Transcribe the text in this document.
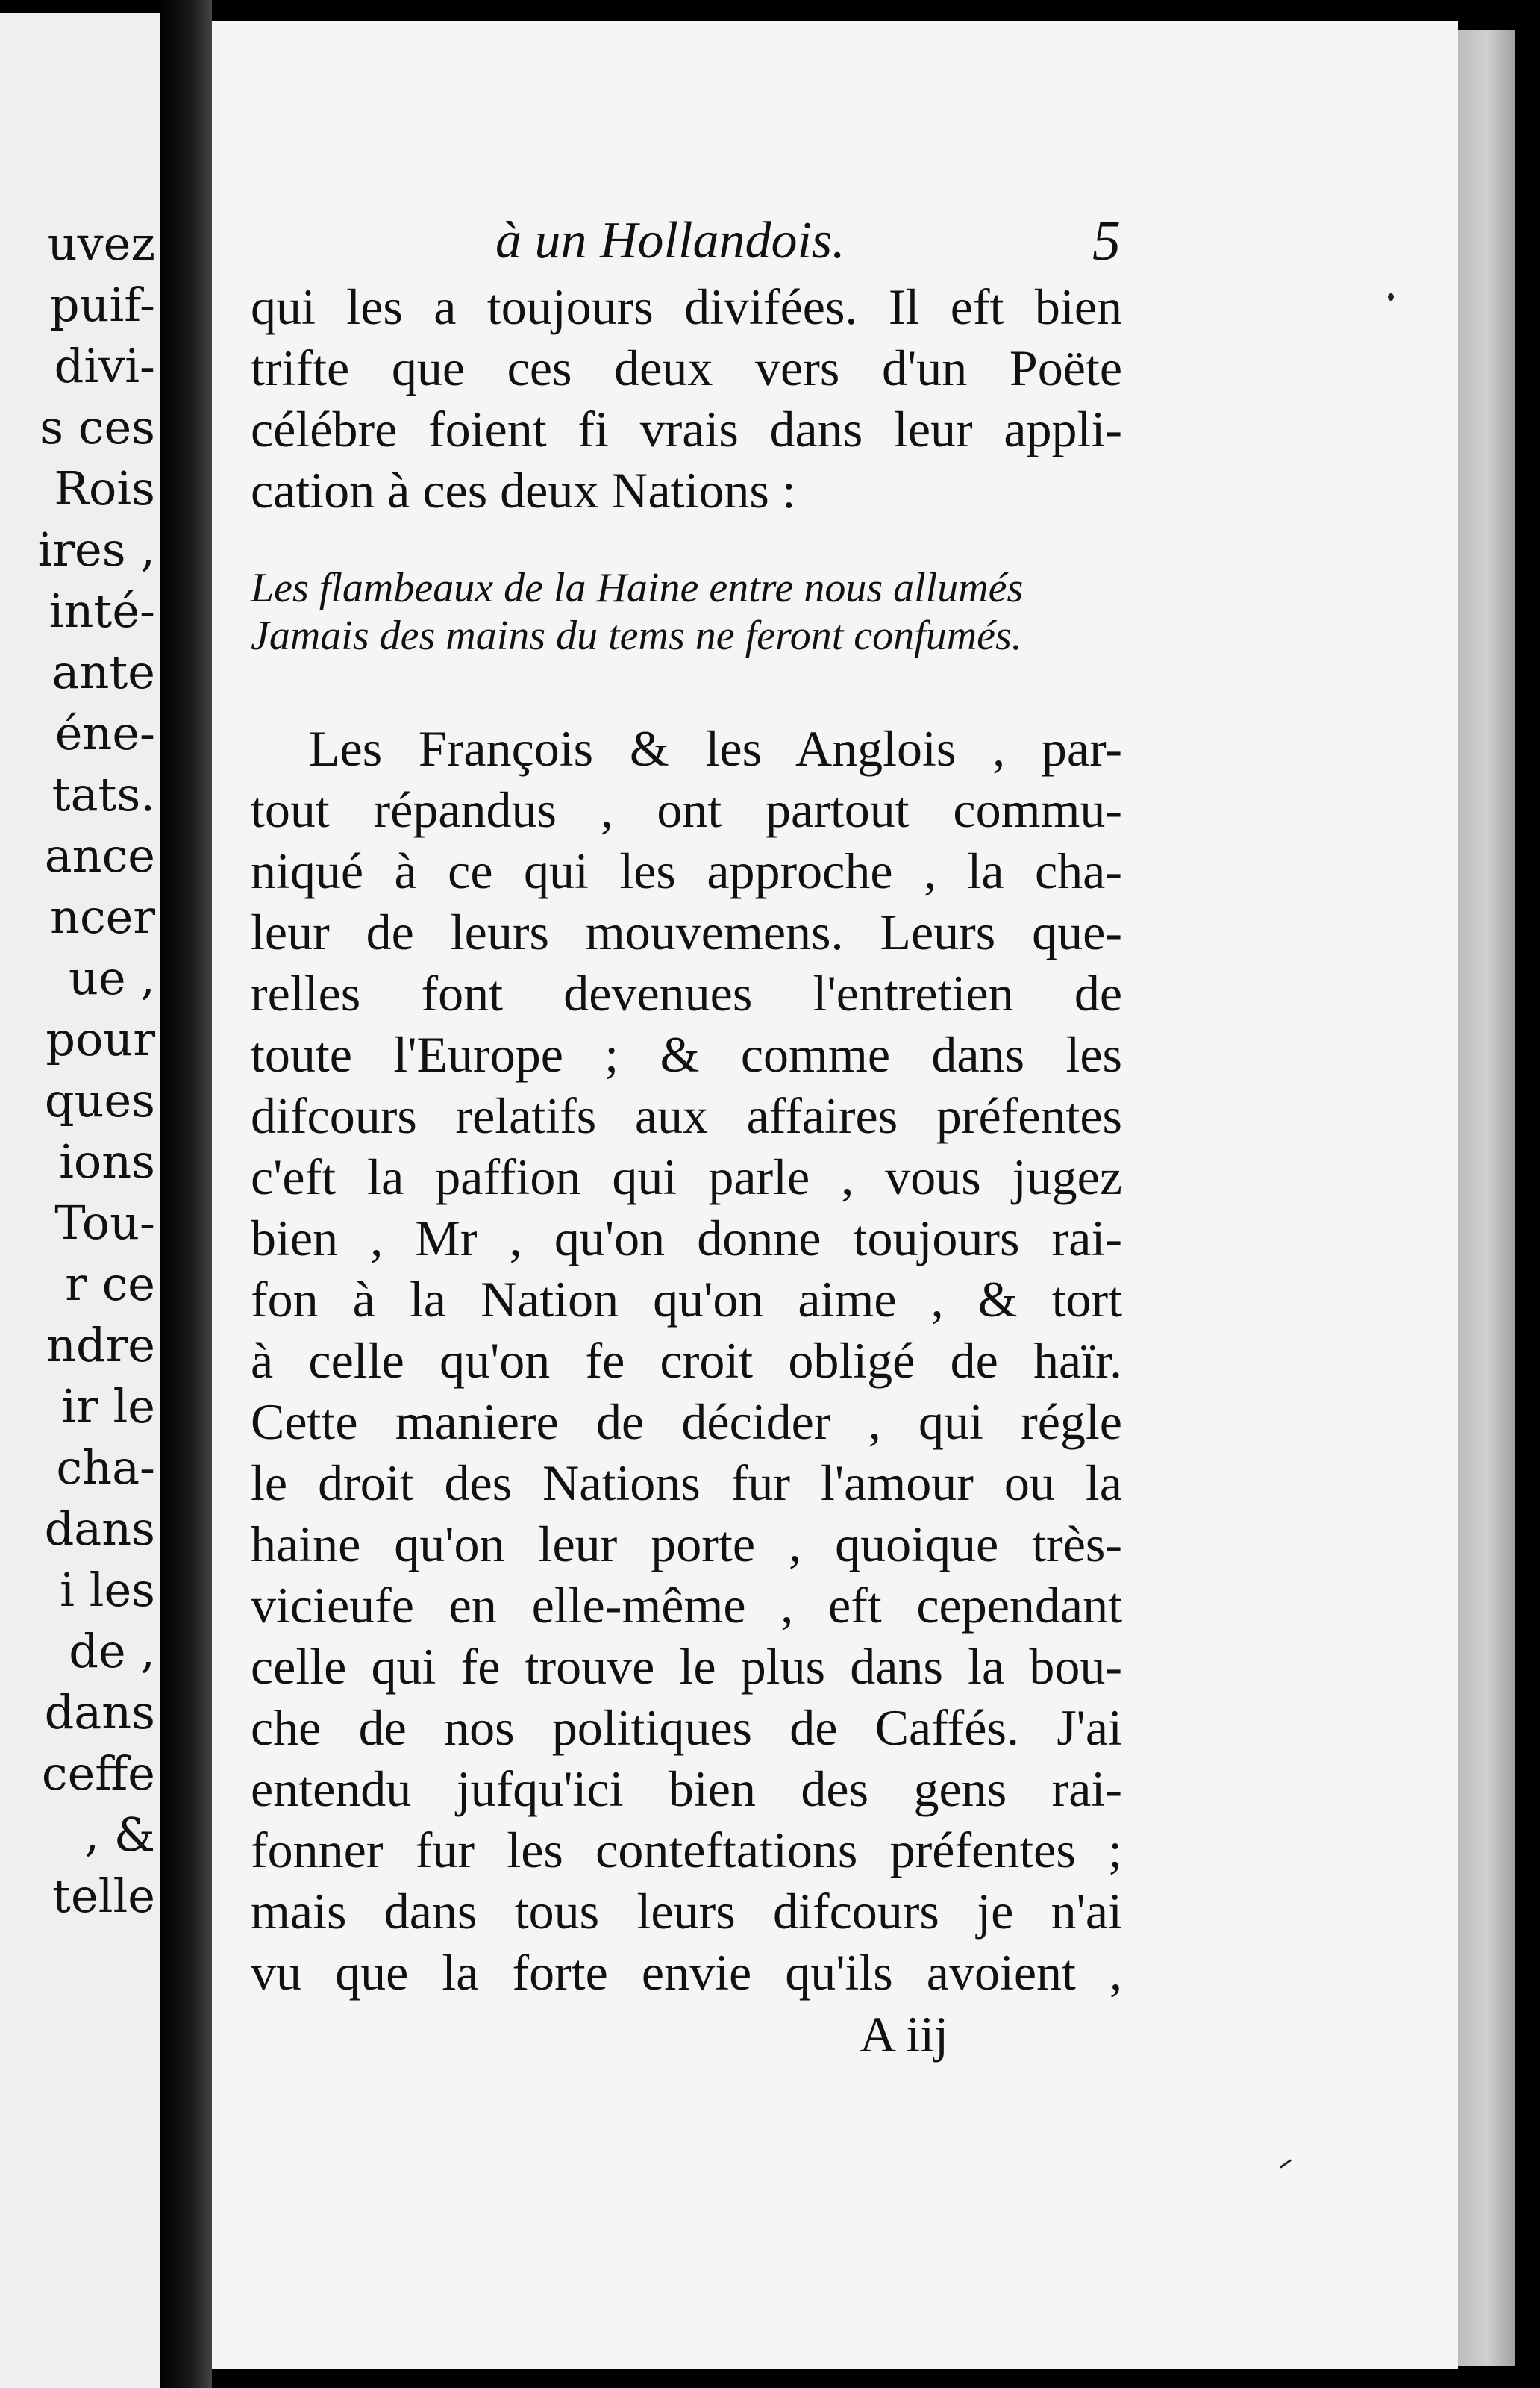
uvez
puif-
divi-
s ces
Rois
ires ,
inté-
ante
éne-
tats.
ance
ncer
ue ,
pour
ques
ions
Tou-
r ce
ndre
ir le
cha-
dans
i les
de ,
dans
ceffe
, &
telle
à un Hollandois.	5
qui les a toujours divifées. Il eft bien
trifte que ces deux vers d'un Poëte
célébre foient fi vrais dans leur appli-
cation à ces deux Nations :
Les flambeaux de la Haine entre nous allumés
Jamais des mains du tems ne feront confumés.
Les François & les Anglois , par-
tout répandus , ont partout commu-
niqué à ce qui les approche , la cha-
leur de leurs mouvemens. Leurs que-
relles font devenues l'entretien de
toute l'Europe ; & comme dans les
difcours relatifs aux affaires préfentes
c'eft la paffion qui parle , vous jugez
bien , Mr , qu'on donne toujours rai-
fon à la Nation qu'on aime , & tort
à celle qu'on fe croit obligé de haïr.
Cette maniere de décider , qui régle
le droit des Nations fur l'amour ou la
haine qu'on leur porte , quoique très-
vicieufe en elle-même , eft cependant
celle qui fe trouve le plus dans la bou-
che de nos politiques de Caffés. J'ai
entendu jufqu'ici bien des gens rai-
fonner fur les conteftations préfentes ;
mais dans tous leurs difcours je n'ai
vu que la forte envie qu'ils avoient ,
A iij
